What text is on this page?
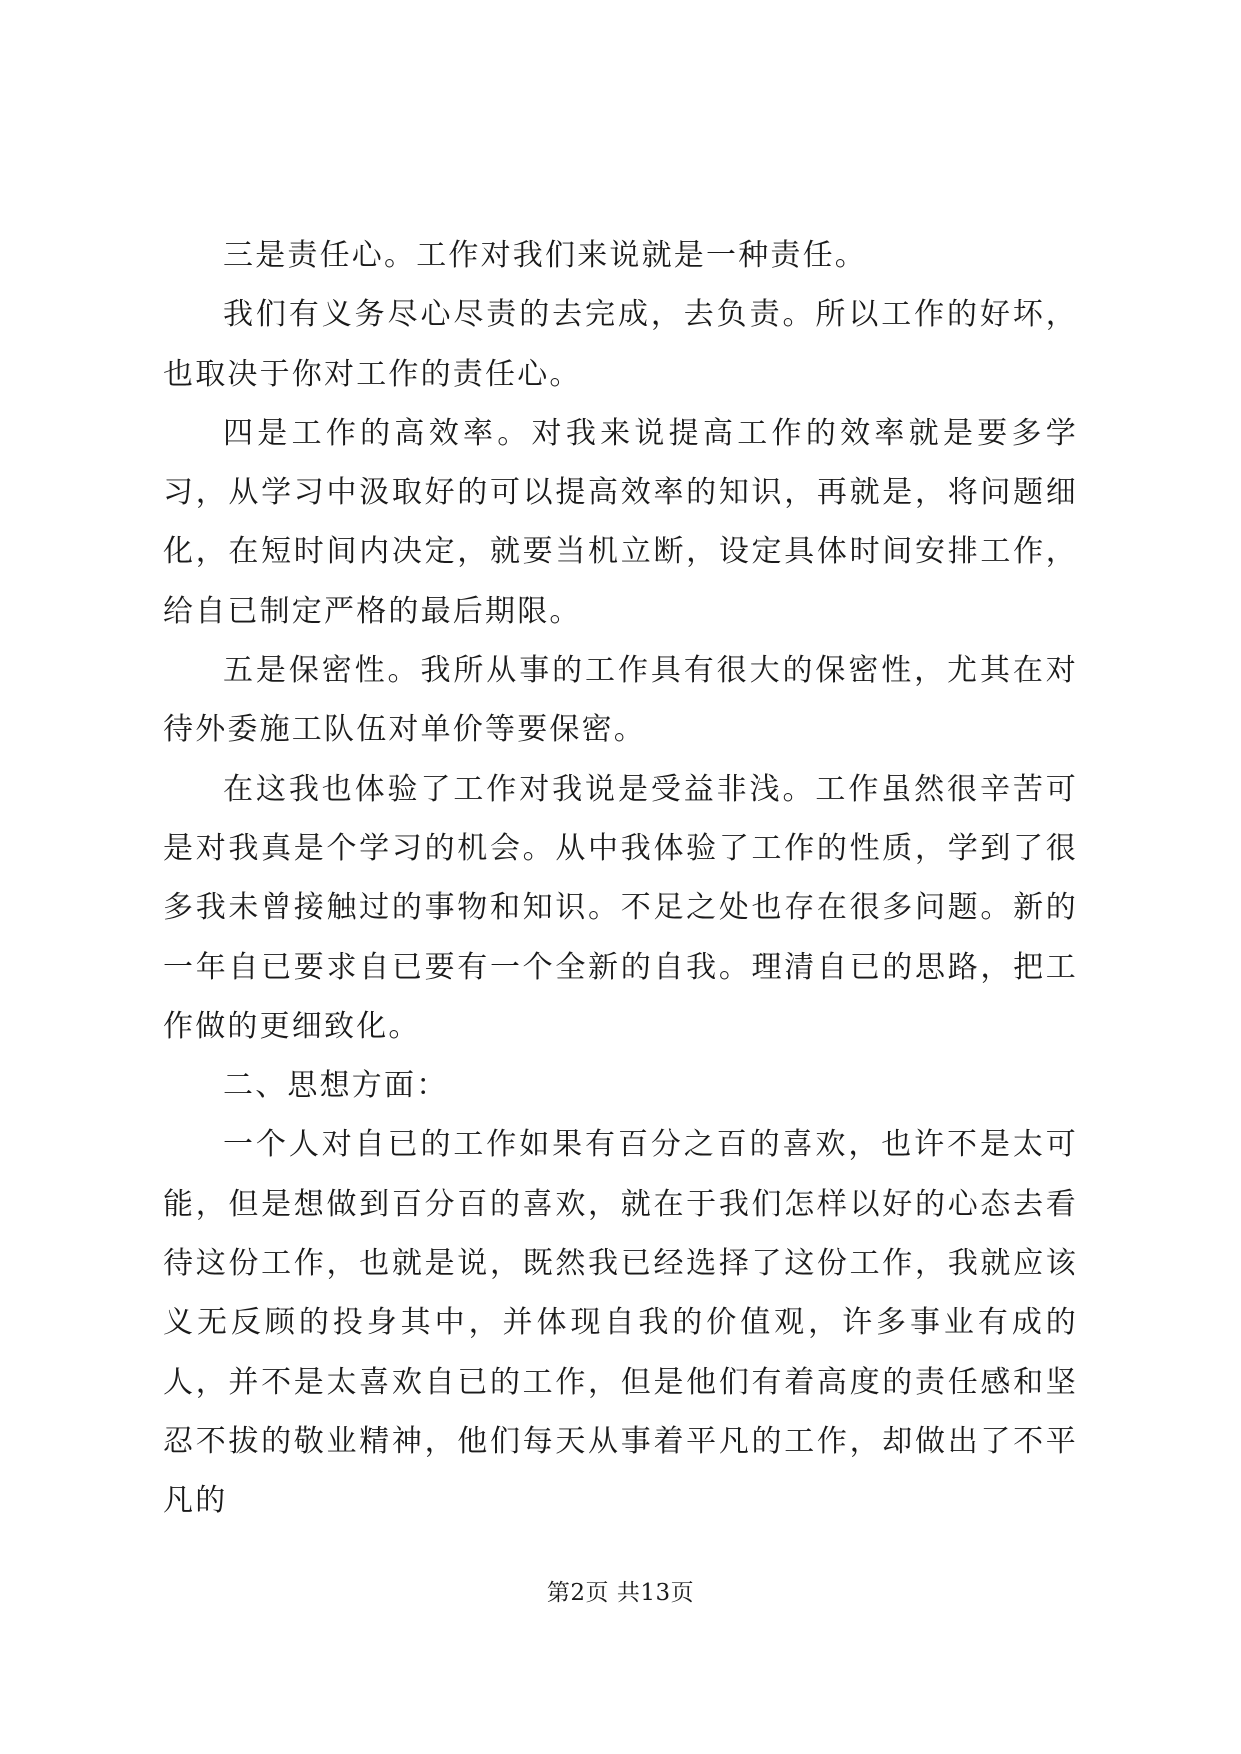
三是责任心。工作对我们来说就是一种责任。

我们有义务尽心尽责的去完成，去负责。所以工作的好坏，也取决于你对工作的责任心。

四是工作的高效率。对我来说提高工作的效率就是要多学习，从学习中汲取好的可以提高效率的知识，再就是，将问题细化，在短时间内决定，就要当机立断，设定具体时间安排工作，给自已制定严格的最后期限。

五是保密性。我所从事的工作具有很大的保密性，尤其在对待外委施工队伍对单价等要保密。

在这我也体验了工作对我说是受益非浅。工作虽然很辛苦可是对我真是个学习的机会。从中我体验了工作的性质，学到了很多我未曾接触过的事物和知识。不足之处也存在很多问题。新的一年自已要求自已要有一个全新的自我。理清自已的思路，把工作做的更细致化。

二、思想方面：

一个人对自已的工作如果有百分之百的喜欢，也许不是太可能，但是想做到百分百的喜欢，就在于我们怎样以好的心态去看待这份工作，也就是说，既然我已经选择了这份工作，我就应该义无反顾的投身其中，并体现自我的价值观，许多事业有成的人，并不是太喜欢自已的工作，但是他们有着高度的责任感和坚忍不拔的敬业精神，他们每天从事着平凡的工作，却做出了不平凡的

第2页 共13页
